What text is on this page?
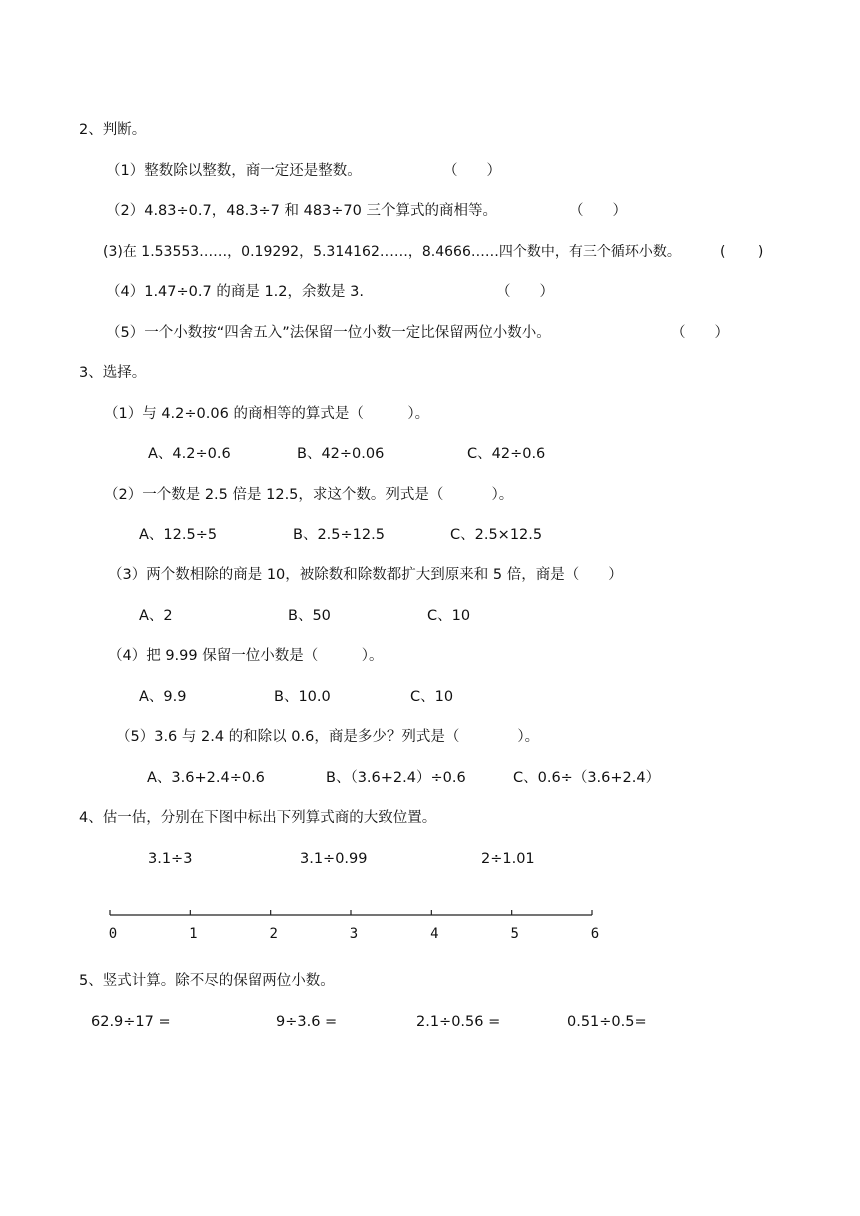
2、判断。
（1）整数除以整数，商一定还是整数。	（　　）
（2）4.83÷0.7，48.3÷7 和 483÷70 三个算式的商相等。	（　　）
(3)在 1.53553……，0.19292，5.314162……，8.4666……四个数中，有三个循环小数。	(　　 )
（4）1.47÷0.7 的商是 1.2，余数是 3.	（　　）
（5）一个小数按“四舍五入”法保留一位小数一定比保留两位小数小。	（　　）
3、选择。
（1）与 4.2÷0.06 的商相等的算式是（　　　）。
A、4.2÷0.6	B、42÷0.06	C、42÷0.6
（2）一个数是 2.5 倍是 12.5，求这个数。列式是（　　　 ）。
A、12.5÷5	B、2.5÷12.5	C、2.5×12.5
（3）两个数相除的商是 10，被除数和除数都扩大到原来和 5 倍，商是（　　）
A、2	B、50	C、10
（4）把 9.99 保留一位小数是（　　　）。
A、9.9	B、10.0	C、10
（5）3.6 与 2.4 的和除以 0.6，商是多少？列式是（　　　　）。
A、3.6+2.4÷0.6	B、（3.6+2.4）÷0.6	C、0.6÷（3.6+2.4）
4、估一估，分别在下图中标出下列算式商的大致位置。
3.1÷3	3.1÷0.99	2÷1.01
0	1	2	3	4	5	6
5、竖式计算。除不尽的保留两位小数。
62.9÷17 =	9÷3.6 =	2.1÷0.56 =	0.51÷0.5=
